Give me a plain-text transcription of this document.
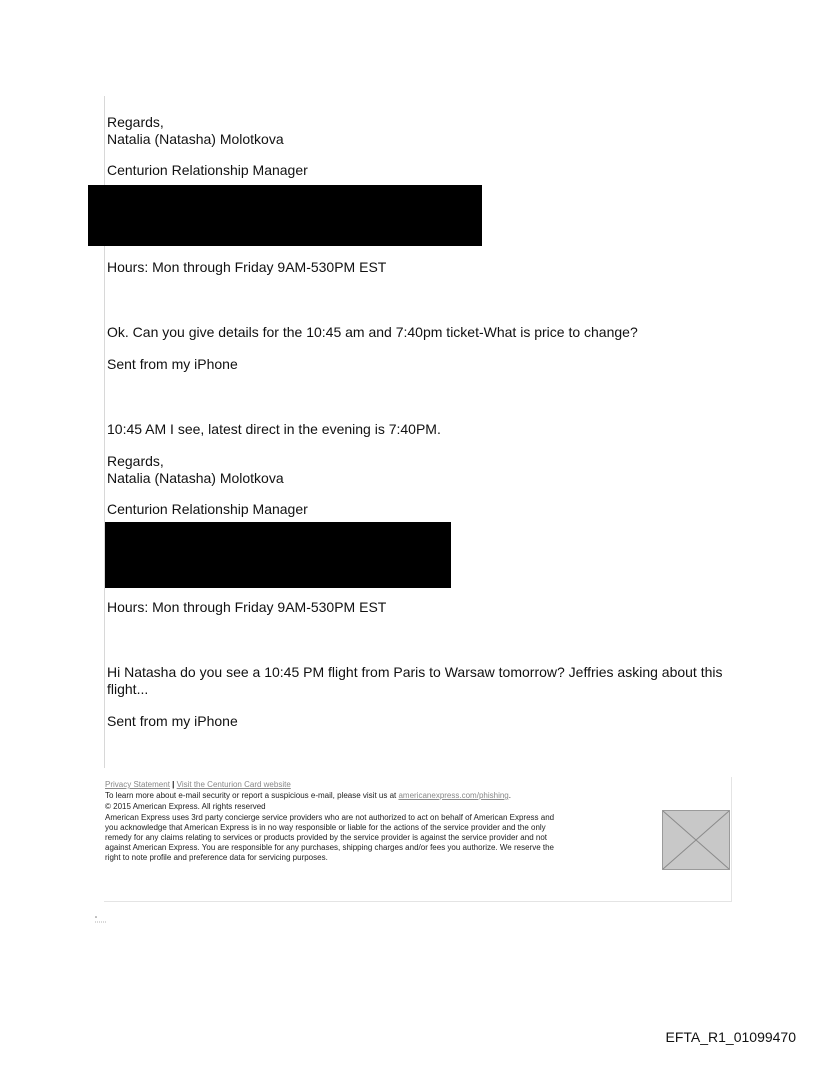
Regards,
Natalia (Natasha) Molotkova
Centurion Relationship Manager
Hours: Mon through Friday 9AM-530PM EST
Ok. Can you give details for the 10:45 am and 7:40pm ticket-What is price to change?
Sent from my iPhone
10:45 AM I see, latest direct in the evening is 7:40PM.
Regards,
Natalia (Natasha) Molotkova
Centurion Relationship Manager
Hours: Mon through Friday 9AM-530PM EST
Hi Natasha do you see a 10:45 PM flight from Paris to Warsaw tomorrow? Jeffries asking about this
flight...
Sent from my iPhone
Privacy Statement | Visit the Centurion Card website
To learn more about e-mail security or report a suspicious e-mail, please visit us at americanexpress.com/phishing.
© 2015 American Express. All rights reserved
American Express uses 3rd party concierge service providers who are not authorized to act on behalf of American Express and
you acknowledge that American Express is in no way responsible or liable for the actions of the service provider and the only
remedy for any claims relating to services or products provided by the service provider is against the service provider and not
against American Express. You are responsible for any purchases, shipping charges and/or fees you authorize. We reserve the
right to note profile and preference data for servicing purposes.
EFTA_R1_01099470
